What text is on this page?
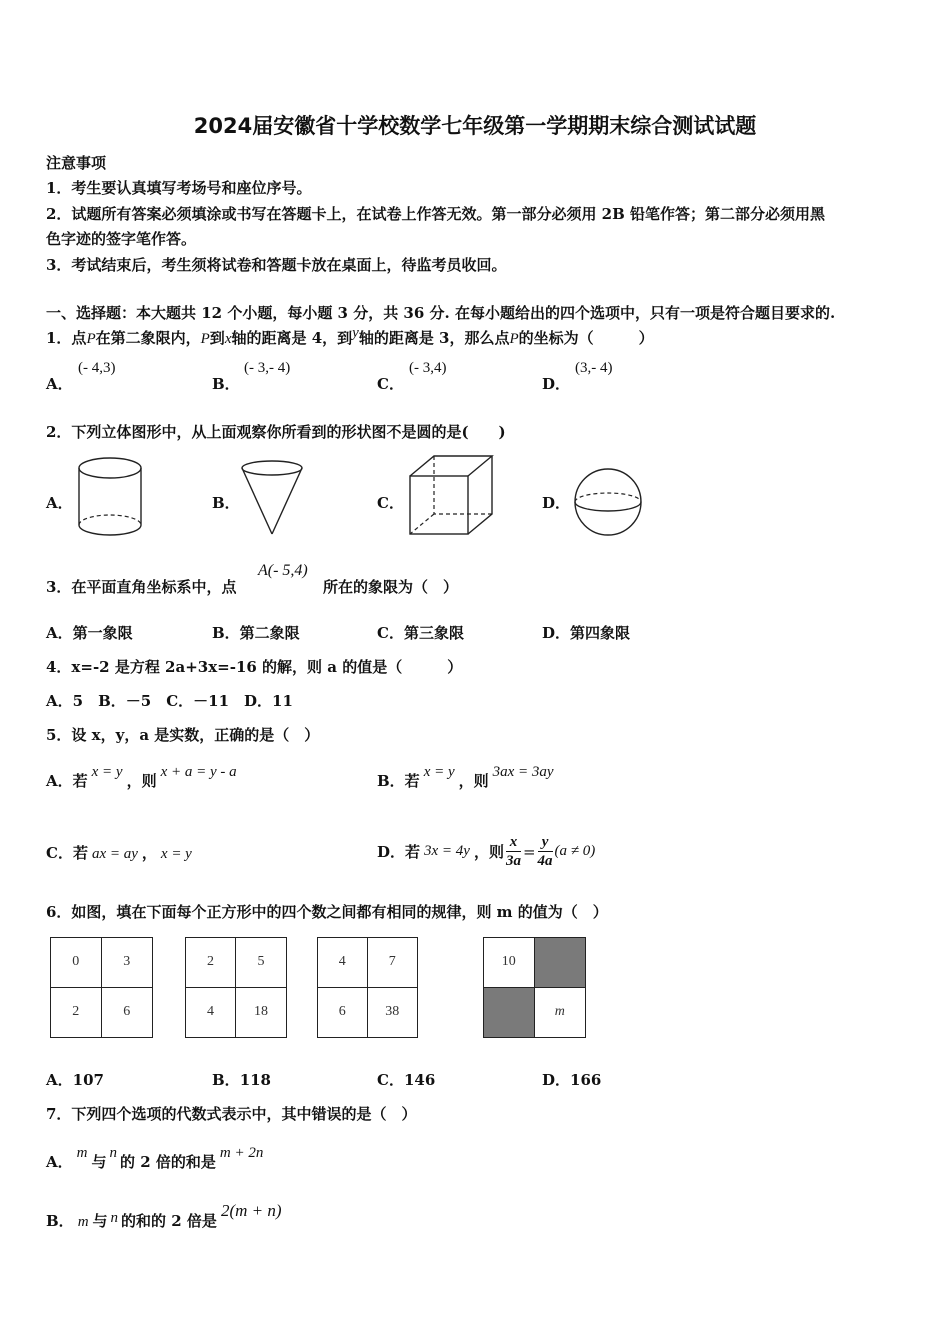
2024届安徽省十学校数学七年级第一学期期末综合测试试题
注意事项
1．考生要认真填写考场号和座位序号。
2．试题所有答案必须填涂或书写在答题卡上，在试卷上作答无效。第一部分必须用 2B 铅笔作答；第二部分必须用黑
色字迹的签字笔作答。
3．考试结束后，考生须将试卷和答题卡放在桌面上，待监考员收回。
一、选择题：本大题共 12 个小题，每小题 3 分，共 36 分. 在每小题给出的四个选项中，只有一项是符合题目要求的.
1．点P在第二象限内，P到x轴的距离是 4，到y轴的距离是 3，那么点P的坐标为（　　　）
A．
(- 4,3)
B．
(- 3,- 4)
C．
(- 3,4)
D．
(3,- 4)
2．下列立体图形中，从上面观察你所看到的形状图不是圆的是(　　)
A．	B．	C．	D．
3．在平面直角坐标系中，点
A(- 5,4)
所在的象限为（　）
A．第一象限	B．第二象限	C．第三象限	D．第四象限
4．x=-2 是方程 2a+3x=-16 的解，则 a 的值是（　　　）
A．5　B．－5　C．－11　D．11
5．设 x，y，a 是实数，正确的是（　）
A．若 x = y ，则 x + a = y - a	B．若 x = y ，则 3ax = 3ay
C．若 ax = ay ， x = y	D．若 3x = 4y ，则 $\frac{x}{3a} = \frac{y}{4a} (a \ne 0)$
6．如图，填在下面每个正方形中的四个数之间都有相同的规律，则 m 的值为（　）
0	3
2	6
2	5
4	18
4	7
6	38
10
m
A．107	B．118	C．146	D．166
7．下列四个选项的代数式表示中，其中错误的是（　）
A． m 与 n 的 2 倍的和是 m + 2n
B． m 与 n 的和的 2 倍是2(m + n)
